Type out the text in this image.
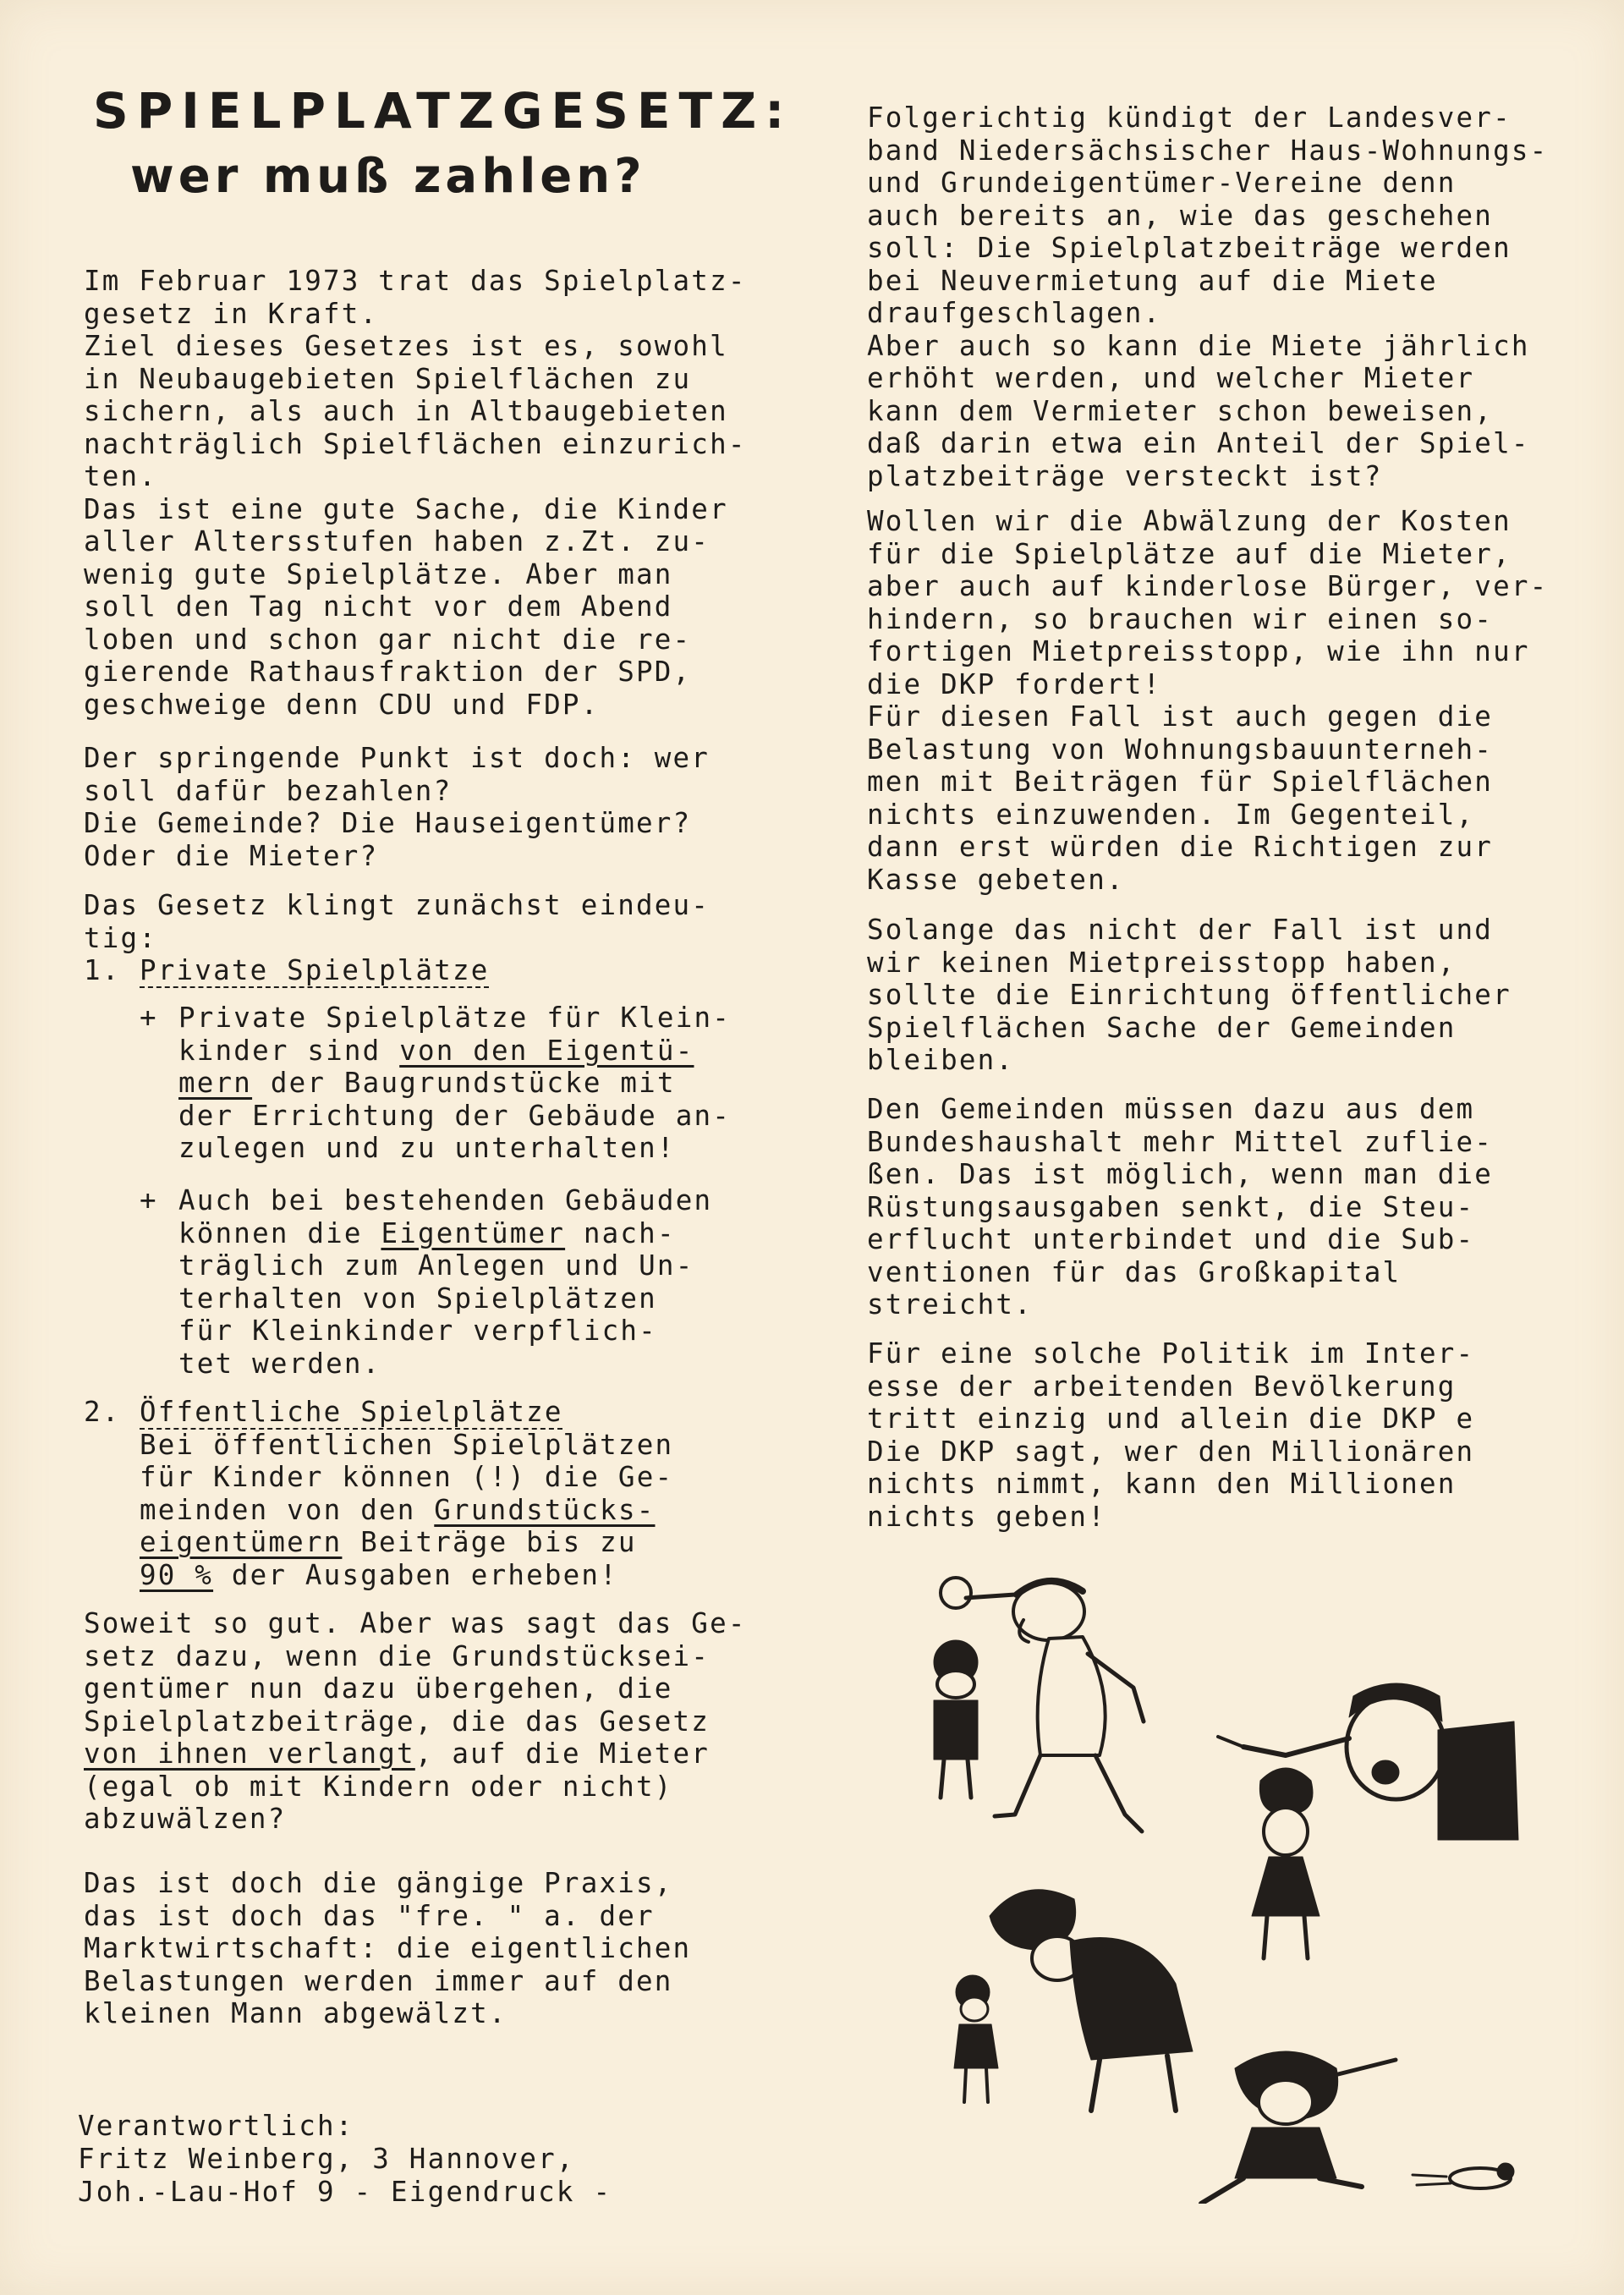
SPIELPLATZGESETZ:
wer muß zahlen?

Im Februar 1973 trat das Spielplatz-

gesetz in Kraft.

Ziel dieses Gesetzes ist es, sowohl

in Neubaugebieten Spielflächen zu

sichern, als auch in Altbaugebieten

nachträglich Spielflächen einzurich-

ten.

Das ist eine gute Sache, die Kinder

aller Altersstufen haben z.Zt. zu-

wenig gute Spielplätze. Aber man

soll den Tag nicht vor dem Abend

loben und schon gar nicht die re-

gierende Rathausfraktion der SPD,

geschweige denn CDU und FDP.

Der springende Punkt ist doch: wer

soll dafür bezahlen?

Die Gemeinde? Die Hauseigentümer?

Oder die Mieter?

Das Gesetz klingt zunächst eindeu-

tig:

1. Private Spielplätze

+ Private Spielplätze für Klein-

kinder sind von den Eigentü-

mern der Baugrundstücke mit

der Errichtung der Gebäude an-

zulegen und zu unterhalten!

+ Auch bei bestehenden Gebäuden

können die Eigentümer nach-

träglich zum Anlegen und Un-

terhalten von Spielplätzen

für Kleinkinder verpflich-

tet werden.

2. Öffentliche Spielplätze

Bei öffentlichen Spielplätzen

für Kinder können (!) die Ge-

meinden von den Grundstücks-

eigentümern Beiträge bis zu

90 % der Ausgaben erheben!

Soweit so gut. Aber was sagt das Ge-

setz dazu, wenn die Grundstücksei-

gentümer nun dazu übergehen, die

Spielplatzbeiträge, die das Gesetz

von ihnen verlangt, auf die Mieter

(egal ob mit Kindern oder nicht)

abzuwälzen?

Das ist doch die gängige Praxis,

das ist doch das "fre. " a. der

Marktwirtschaft: die eigentlichen

Belastungen werden immer auf den

kleinen Mann abgewälzt.

Folgerichtig kündigt der Landesver-

band Niedersächsischer Haus-Wohnungs-

und Grundeigentümer-Vereine denn

auch bereits an, wie das geschehen

soll: Die Spielplatzbeiträge werden

bei Neuvermietung auf die Miete

draufgeschlagen.

Aber auch so kann die Miete jährlich

erhöht werden, und welcher Mieter

kann dem Vermieter schon beweisen,

daß darin etwa ein Anteil der Spiel-

platzbeiträge versteckt ist?

Wollen wir die Abwälzung der Kosten

für die Spielplätze auf die Mieter,

aber auch auf kinderlose Bürger, ver-

hindern, so brauchen wir einen so-

fortigen Mietpreisstopp, wie ihn nur

die DKP fordert!

Für diesen Fall ist auch gegen die

Belastung von Wohnungsbauunterneh-

men mit Beiträgen für Spielflächen

nichts einzuwenden. Im Gegenteil,

dann erst würden die Richtigen zur

Kasse gebeten.

Solange das nicht der Fall ist und

wir keinen Mietpreisstopp haben,

sollte die Einrichtung öffentlicher

Spielflächen Sache der Gemeinden

bleiben.

Den Gemeinden müssen dazu aus dem

Bundeshaushalt mehr Mittel zuflie-

ßen. Das ist möglich, wenn man die

Rüstungsausgaben senkt, die Steu-

erflucht unterbindet und die Sub-

ventionen für das Großkapital

streicht.

Für eine solche Politik im Inter-

esse der arbeitenden Bevölkerung

tritt einzig und allein die DKP e

Die DKP sagt, wer den Millionären

nichts nimmt, kann den Millionen

nichts geben!

Verantwortlich:

Fritz Weinberg, 3 Hannover,

Joh.-Lau-Hof 9 - Eigendruck -
